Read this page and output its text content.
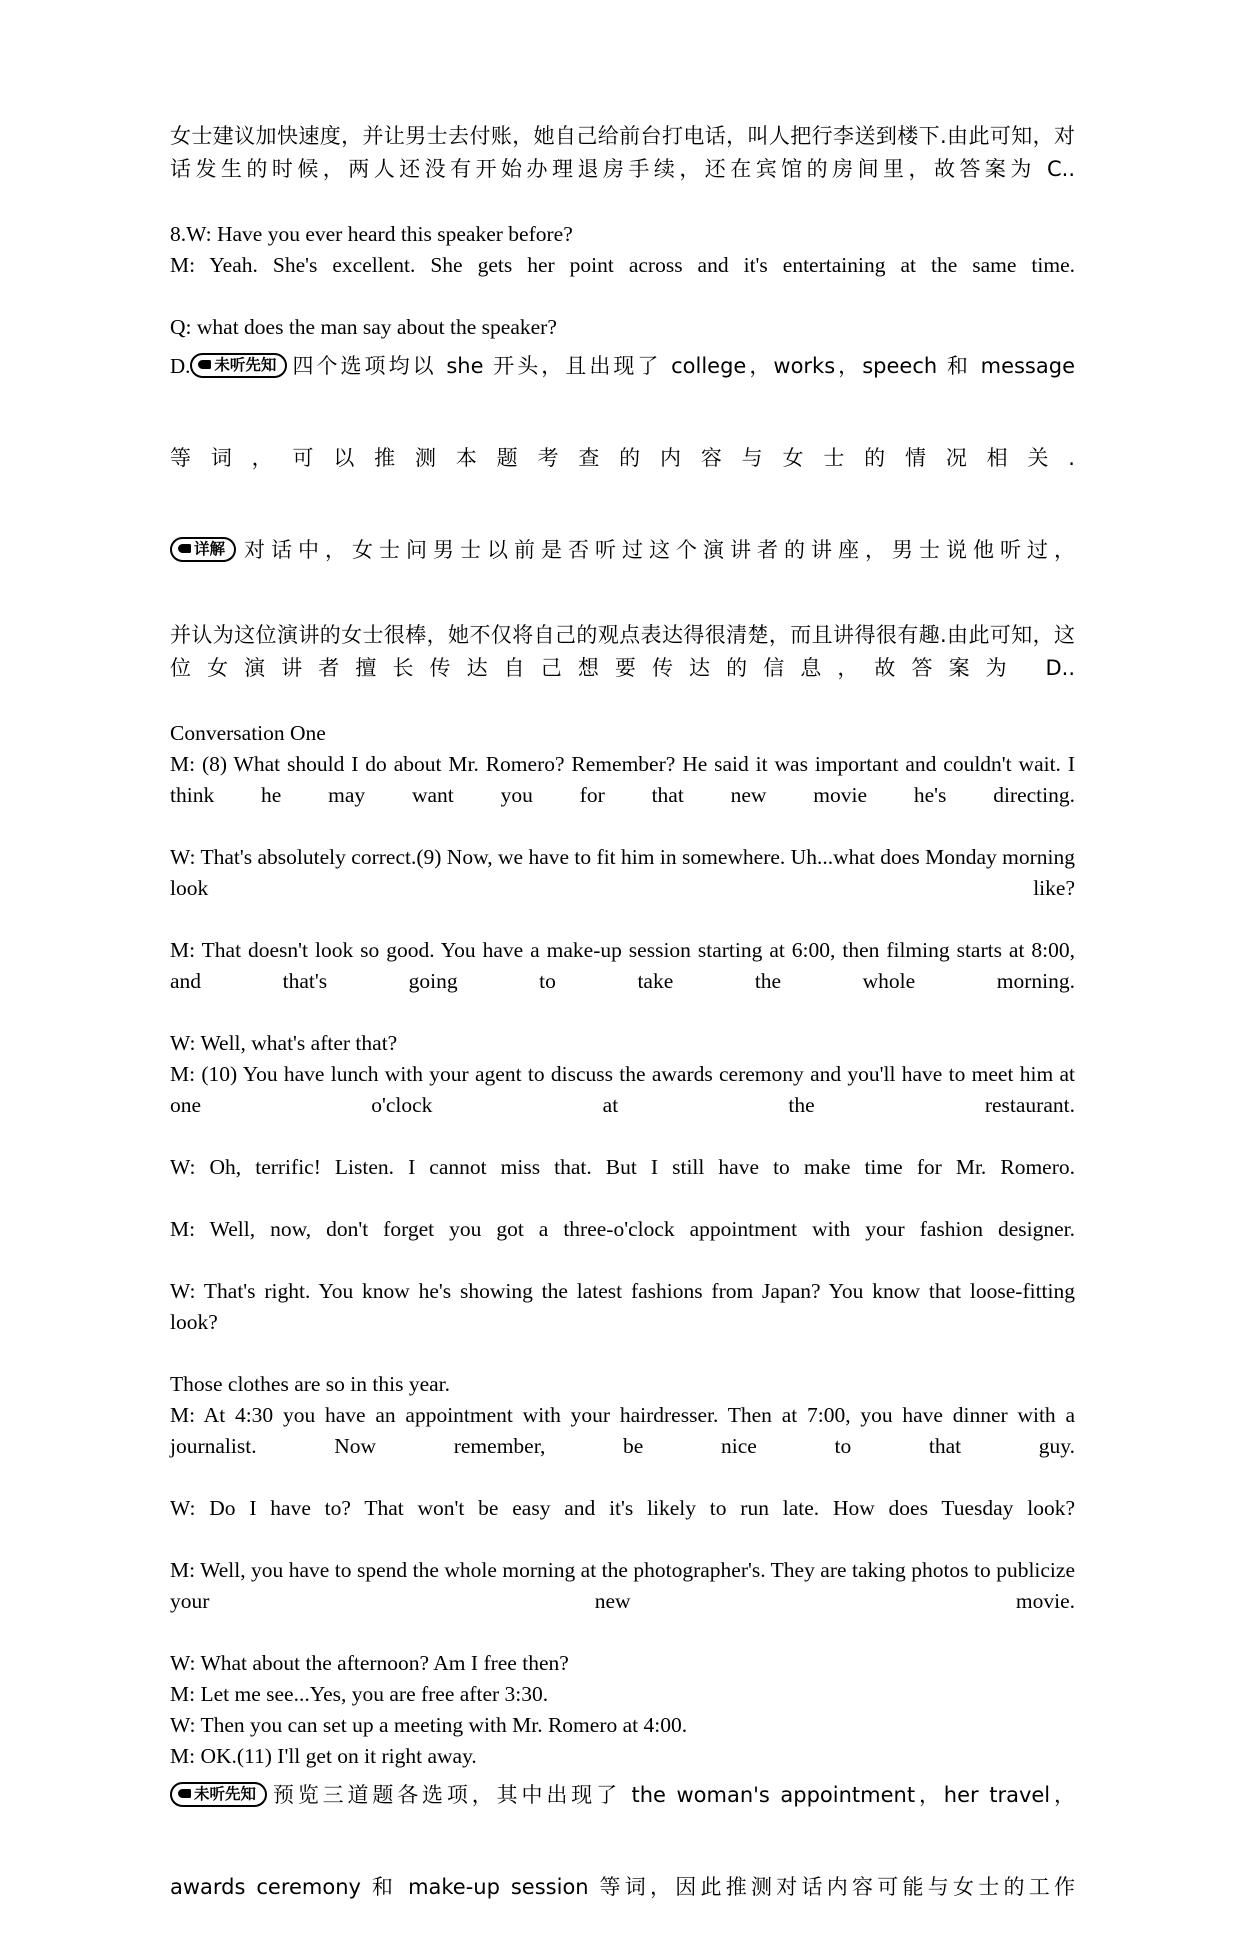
女士建议加快速度，并让男士去付账，她自己给前台打电话，叫人把行李送到楼下.由此可知，对话发生的时候，两人还没有开始办理退房手续，还在宾馆的房间里，故答案为 C..

8.W: Have you ever heard this speaker before?

M: Yeah. She's excellent. She gets her point across and it's entertaining at the same time.

Q: what does the man say about the speaker?

D. 未听先知 四个选项均以 she 开头，且出现了 college，works，speech 和 message

等词，可以推测本题考查的内容与女士的情况相关.

详解 对话中，女士问男士以前是否听过这个演讲者的讲座，男士说他听过，

并认为这位演讲的女士很棒，她不仅将自己的观点表达得很清楚，而且讲得很有趣.由此可知，这位女演讲者擅长传达自己想要传达的信息，故答案为 D..

Conversation One

M: (8) What should I do about Mr. Romero? Remember? He said it was important and couldn't wait. I think he may want you for that new movie he's directing.

W: That's absolutely correct.(9) Now, we have to fit him in somewhere. Uh...what does Monday morning look like?

M: That doesn't look so good. You have a make-up session starting at 6:00, then filming starts at 8:00, and that's going to take the whole morning.

W: Well, what's after that?

M: (10) You have lunch with your agent to discuss the awards ceremony and you'll have to meet him at one o'clock at the restaurant.

W: Oh, terrific! Listen. I cannot miss that. But I still have to make time for Mr. Romero.

M: Well, now, don't forget you got a three-o'clock appointment with your fashion designer.

W: That's right. You know he's showing the latest fashions from Japan? You know that loose-fitting look?

Those clothes are so in this year.

M: At 4:30 you have an appointment with your hairdresser. Then at 7:00, you have dinner with a journalist. Now remember, be nice to that guy.

W: Do I have to? That won't be easy and it's likely to run late. How does Tuesday look?

M: Well, you have to spend the whole morning at the photographer's. They are taking photos to publicize your new movie.

W: What about the afternoon? Am I free then?

M: Let me see...Yes, you are free after 3:30.

W: Then you can set up a meeting with Mr. Romero at 4:00.

M: OK.(11) I'll get on it right away.

未听先知 预览三道题各选项，其中出现了 the woman's appointment，her travel，

awards ceremony 和 make-up session 等词，因此推测对话内容可能与女士的工作
